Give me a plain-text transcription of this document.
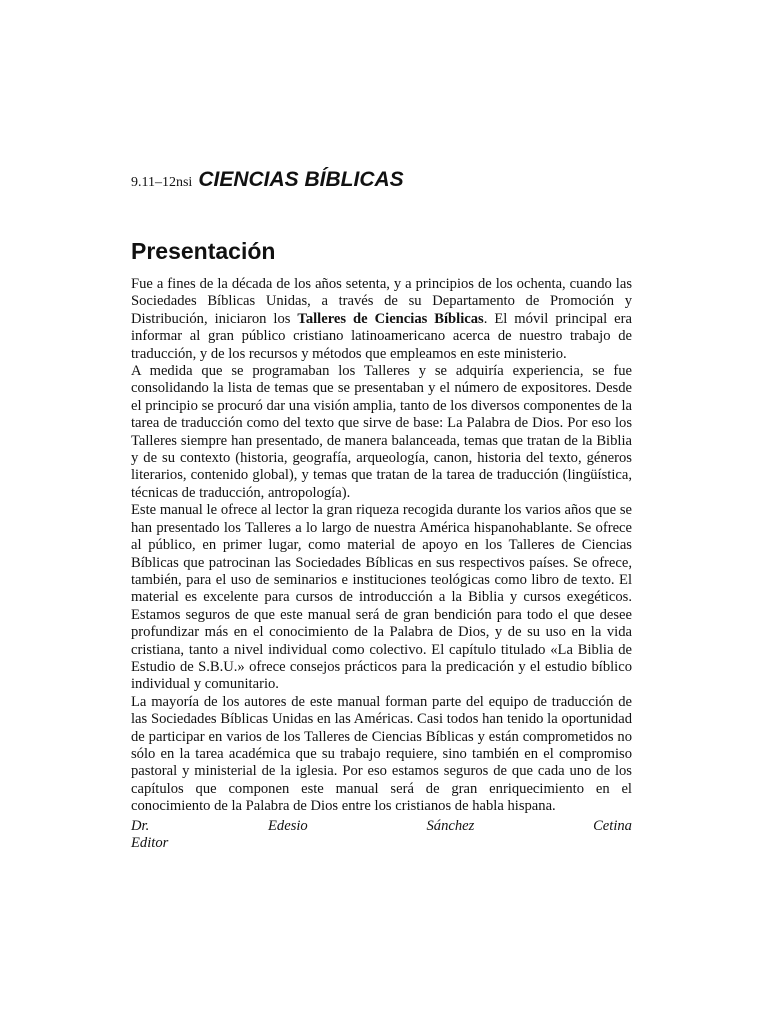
9.11–12nsi CIENCIAS BÍBLICAS
Presentación

Fue a fines de la década de los años setenta, y a principios de los ochenta, cuando las Sociedades Bíblicas Unidas, a través de su Departamento de Promoción y Distribución, iniciaron los Talleres de Ciencias Bíblicas. El móvil principal era informar al gran público cristiano latinoamericano acerca de nuestro trabajo de traducción, y de los recursos y métodos que empleamos en este ministerio.

A medida que se programaban los Talleres y se adquiría experiencia, se fue consolidando la lista de temas que se presentaban y el número de expositores. Desde el principio se procuró dar una visión amplia, tanto de los diversos componentes de la tarea de traducción como del texto que sirve de base: La Palabra de Dios. Por eso los Talleres siempre han presentado, de manera balanceada, temas que tratan de la Biblia y de su contexto (historia, geografía, arqueología, canon, historia del texto, géneros literarios, contenido global), y temas que tratan de la tarea de traducción (lingüística, técnicas de traducción, antropología).

Este manual le ofrece al lector la gran riqueza recogida durante los varios años que se han presentado los Talleres a lo largo de nuestra América hispanohablante. Se ofrece al público, en primer lugar, como material de apoyo en los Talleres de Ciencias Bíblicas que patrocinan las Sociedades Bíblicas en sus respectivos países. Se ofrece, también, para el uso de seminarios e instituciones teológicas como libro de texto. El material es excelente para cursos de introducción a la Biblia y cursos exegéticos. Estamos seguros de que este manual será de gran bendición para todo el que desee profundizar más en el conocimiento de la Palabra de Dios, y de su uso en la vida cristiana, tanto a nivel individual como colectivo. El capítulo titulado «La Biblia de Estudio de S.B.U.» ofrece consejos prácticos para la predicación y el estudio bíblico individual y comunitario.

La mayoría de los autores de este manual forman parte del equipo de traducción de las Sociedades Bíblicas Unidas en las Américas. Casi todos han tenido la oportunidad de participar en varios de los Talleres de Ciencias Bíblicas y están comprometidos no sólo en la tarea académica que su trabajo requiere, sino también en el compromiso pastoral y ministerial de la iglesia. Por eso estamos seguros de que cada uno de los capítulos que componen este manual será de gran enriquecimiento en el conocimiento de la Palabra de Dios entre los cristianos de habla hispana.

Dr.	Edesio	Sánchez	Cetina
Editor
